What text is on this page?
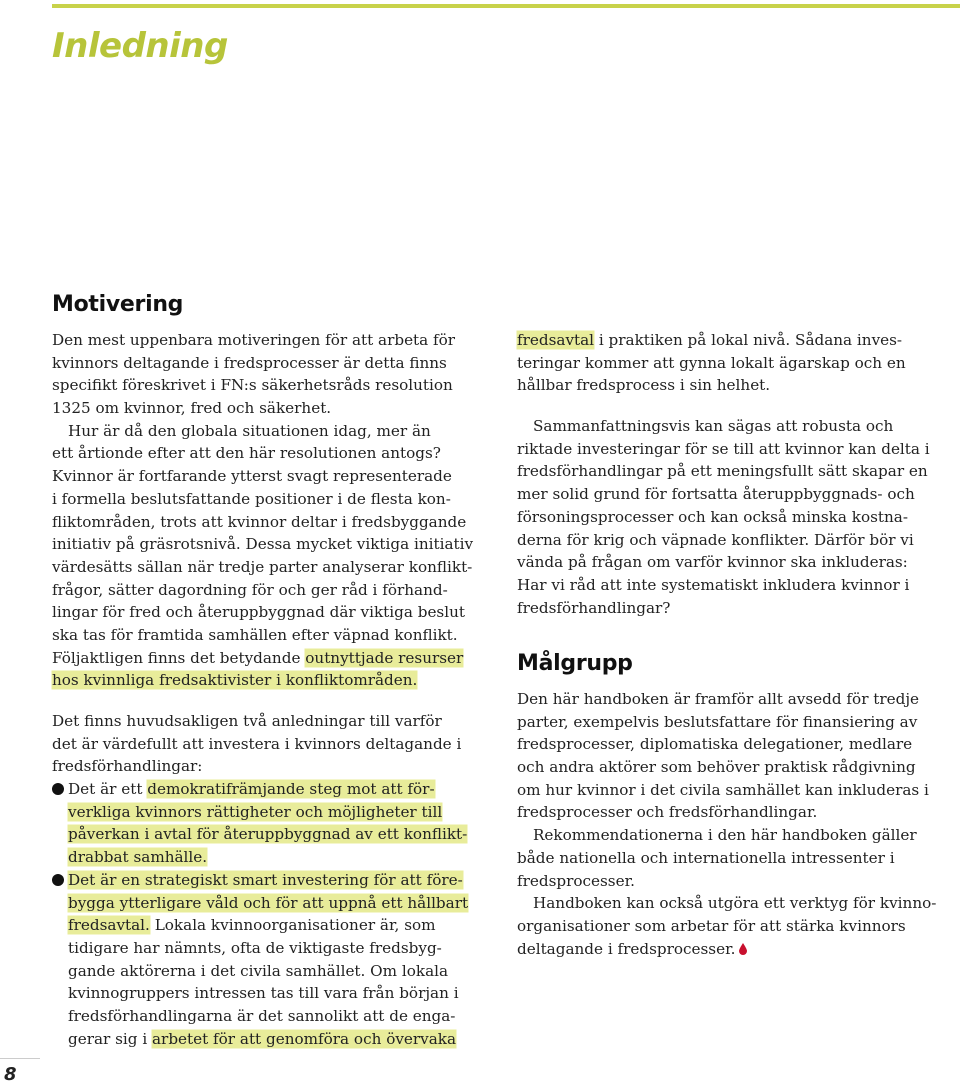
Inledning
Motivering
Den mest uppenbara motiveringen för att arbeta för
kvinnors deltagande i fredsprocesser är detta finns
specifikt föreskrivet i FN:s säkerhetsråds resolution
1325 om kvinnor, fred och säkerhet.
Hur är då den globala situationen idag, mer än
ett årtionde efter att den här resolutionen antogs?
Kvinnor är fortfarande ytterst svagt representerade
i formella beslutsfattande positioner i de flesta kon-
fliktområden, trots att kvinnor deltar i fredsbyggande
initiativ på gräsrotsnivå. Dessa mycket viktiga initiativ
värdesätts sällan när tredje parter analyserar konflikt-
frågor, sätter dagordning för och ger råd i förhand-
lingar för fred och återuppbyggnad där viktiga beslut
ska tas för framtida samhällen efter väpnad konflikt.
Följaktligen finns det betydande outnyttjade resurser
hos kvinnliga fredsaktivister i konfliktområden.
Det finns huvudsakligen två anledningar till varför
det är värdefullt att investera i kvinnors deltagande i
fredsförhandlingar:
Det är ett demokratifrämjande steg mot att för-
verkliga kvinnors rättigheter och möjligheter till
påverkan i avtal för återuppbyggnad av ett konflikt-
drabbat samhälle.
Det är en strategiskt smart investering för att före-
bygga ytterligare våld och för att uppnå ett hållbart
fredsavtal. Lokala kvinnoorganisationer är, som
tidigare har nämnts, ofta de viktigaste fredsbyg-
gande aktörerna i det civila samhället. Om lokala
kvinnogruppers intressen tas till vara från början i
fredsförhandlingarna är det sannolikt att de enga-
gerar sig i arbetet för att genomföra och övervaka
fredsavtal i praktiken på lokal nivå. Sådana inves-
teringar kommer att gynna lokalt ägarskap och en
hållbar fredsprocess i sin helhet.
Sammanfattningsvis kan sägas att robusta och
riktade investeringar för se till att kvinnor kan delta i
fredsförhandlingar på ett meningsfullt sätt skapar en
mer solid grund för fortsatta återuppbyggnads- och
försoningsprocesser och kan också minska kostna-
derna för krig och väpnade konflikter. Därför bör vi
vända på frågan om varför kvinnor ska inkluderas:
Har vi råd att inte systematiskt inkludera kvinnor i
fredsförhandlingar?
Målgrupp
Den här handboken är framför allt avsedd för tredje
parter, exempelvis beslutsfattare för finansiering av
fredsprocesser, diplomatiska delegationer, medlare
och andra aktörer som behöver praktisk rådgivning
om hur kvinnor i det civila samhället kan inkluderas i
fredsprocesser och fredsförhandlingar.
Rekommendationerna i den här handboken gäller
både nationella och internationella intressenter i
fredsprocesser.
Handboken kan också utgöra ett verktyg för kvinno-
organisationer som arbetar för att stärka kvinnors
deltagande i fredsprocesser.
8
